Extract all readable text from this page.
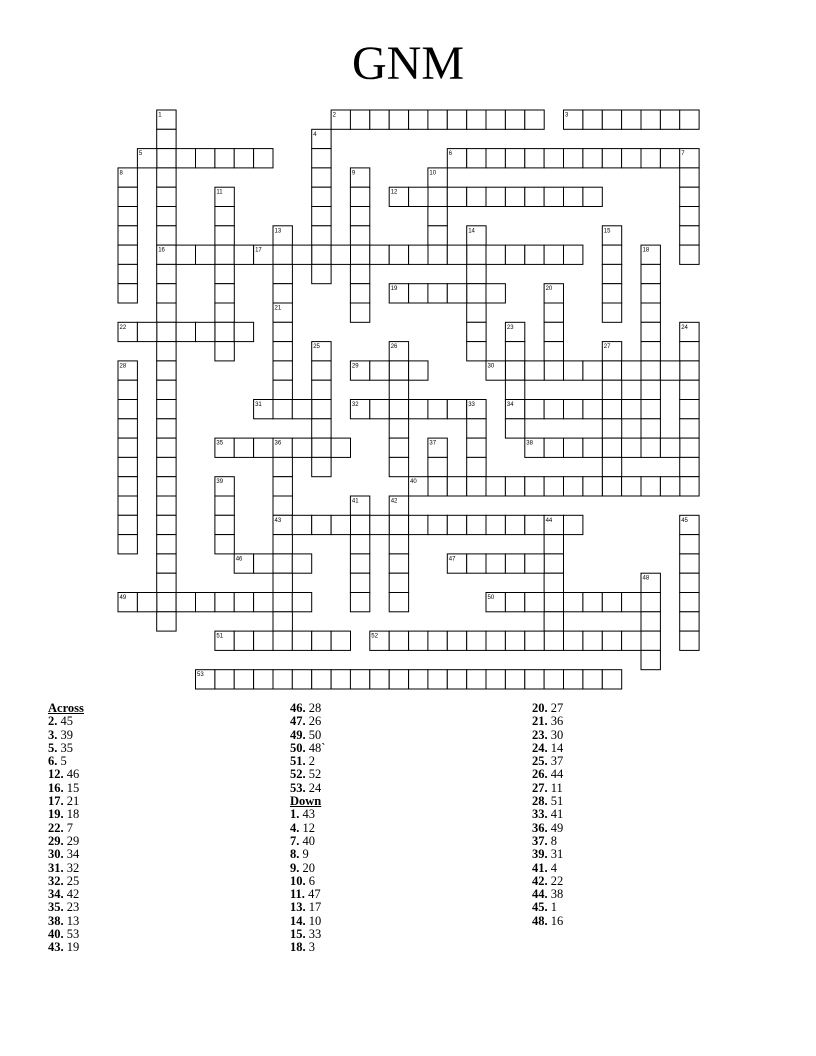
GNM
1	2	3
4
5	6	7
8	9	10
11	12
13	14	15
16	17	18
19	20
21
22	23	24
25	26	27
28	29	30
31	32	33	34
35	36	37	38
39	40
41	42
43	44	45
46	47
48
49	50
51	52
53
Across
2. 45
3. 39
5. 35
6. 5
12. 46
16. 15
17. 21
19. 18
22. 7
29. 29
30. 34
31. 32
32. 25
34. 42
35. 23
38. 13
40. 53
43. 19
46. 28
47. 26
49. 50
50. 48`
51. 2
52. 52
53. 24
Down
1. 43
4. 12
7. 40
8. 9
9. 20
10. 6
11. 47
13. 17
14. 10
15. 33
18. 3
20. 27
21. 36
23. 30
24. 14
25. 37
26. 44
27. 11
28. 51
33. 41
36. 49
37. 8
39. 31
41. 4
42. 22
44. 38
45. 1
48. 16
